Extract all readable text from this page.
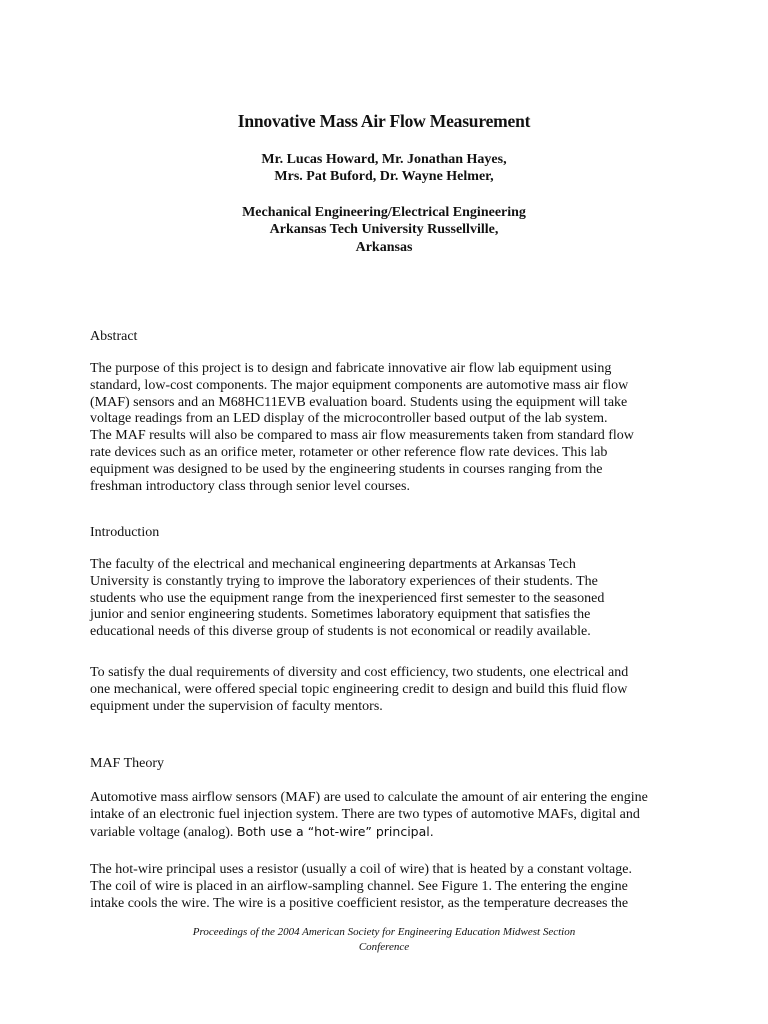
Innovative Mass Air Flow Measurement
Mr. Lucas Howard, Mr. Jonathan Hayes,
Mrs. Pat Buford, Dr. Wayne Helmer,
Mechanical Engineering/Electrical Engineering
Arkansas Tech University Russellville,
Arkansas
Abstract
The purpose of this project is to design and fabricate innovative air flow lab equipment using
standard, low-cost components. The major equipment components are automotive mass air flow
(MAF) sensors and an M68HC11EVB evaluation board. Students using the equipment will take
voltage readings from an LED display of the microcontroller based output of the lab system.
The MAF results will also be compared to mass air flow measurements taken from standard flow
rate devices such as an orifice meter, rotameter or other reference flow rate devices. This lab
equipment was designed to be used by the engineering students in courses ranging from the
freshman introductory class through senior level courses.
Introduction
The faculty of the electrical and mechanical engineering departments at Arkansas Tech
University is constantly trying to improve the laboratory experiences of their students. The
students who use the equipment range from the inexperienced first semester to the seasoned
junior and senior engineering students. Sometimes laboratory equipment that satisfies the
educational needs of this diverse group of students is not economical or readily available.
To satisfy the dual requirements of diversity and cost efficiency, two students, one electrical and
one mechanical, were offered special topic engineering credit to design and build this fluid flow
equipment under the supervision of faculty mentors.
MAF Theory
Automotive mass airflow sensors (MAF) are used to calculate the amount of air entering the engine
intake of an electronic fuel injection system. There are two types of automotive MAFs, digital and
variable voltage (analog). Both use a “hot-wire” principal.
The hot-wire principal uses a resistor (usually a coil of wire) that is heated by a constant voltage.
The coil of wire is placed in an airflow-sampling channel. See Figure 1. The entering the engine
intake cools the wire. The wire is a positive coefficient resistor, as the temperature decreases the
Proceedings of the 2004 American Society for Engineering Education Midwest Section
Conference
